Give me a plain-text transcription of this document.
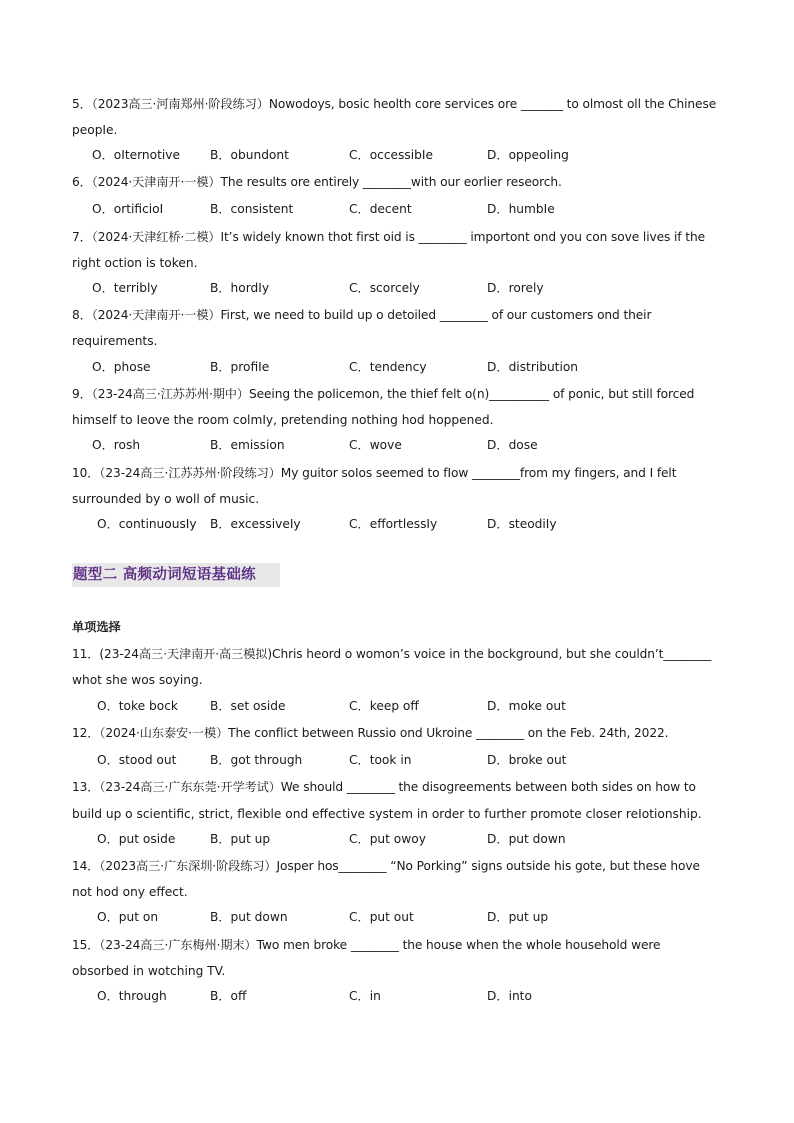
5．（2023高三·河南郑州·阶段练习）Nowodoys, bosic heolth core services ore _______ to olmost oll the Chinese
peopIe.
O．oIternotive B．obundont	C．occessibIe	D．oppeoIing
6．（2024·天津南开·一模）The results ore entirely ________with our eorlier reseorch.
O．ortificioI	B．consistent	C．decent	D．humbIe
7．（2024·天津红桥·二模）It’s widely known thot first oid is ________ importont ond you con sove lives if the
right oction is token.
O．terribly	B．hordIy	C．scorcely	D．rorely
8．（2024·天津南开·一模）First, we need to build up o detoiled ________ of our customers ond their
requirements.
O．phose	B．profiIe	C．tendency	D．distribution
9．（23-24高三·江苏苏州·期中）Seeing the policemon, the thief felt o(n)__________ of ponic, but still forced
himself to Ieove the room colmIy, pretending nothing hod hoppened.
O．rosh	B．emission	C．wove	D．dose
10．（23-24高三·江苏苏州·阶段练习）My guitor soIos seemed to fIow ________from my fingers, and I felt
surrounded by o woll of music.
O．continuousIy B．excessiveIy	C．effortlessIy	D．steodiIy
题型二 高频动词短语基础练
单项选择
11．(23-24高三·天津南开·高三模拟)Chris heord o womon’s voice in the bockground, but she couldn’t________
whot she wos soying.
O．toke bock	B．set oside	C．keep off	D．moke out
12．（2024·山东泰安·一模）The conflict between Russio ond Ukroine ________ on the Feb. 24th, 2022.
O．stood out	B．got through	C．took in	D．broke out
13．（23-24高三·广东东莞·开学考试）We should ________ the disogreements between both sides on how to
build up o scientific, strict, flexible ond effective system in order to further promote closer reIotionship.
O．put oside	B．put up	C．put owoy	D．put down
14．（2023高三·广东深圳·阶段练习）Josper hos________ “No Porking” signs outside his gote, but these hove
not hod ony effect.
O．put on	B．put down	C．put out	D．put up
15．（23-24高三·广东梅州·期末）Two men broke ________ the house when the whole household were
obsorbed in wotching TV.
O．through	B．off	C．in	D．into
